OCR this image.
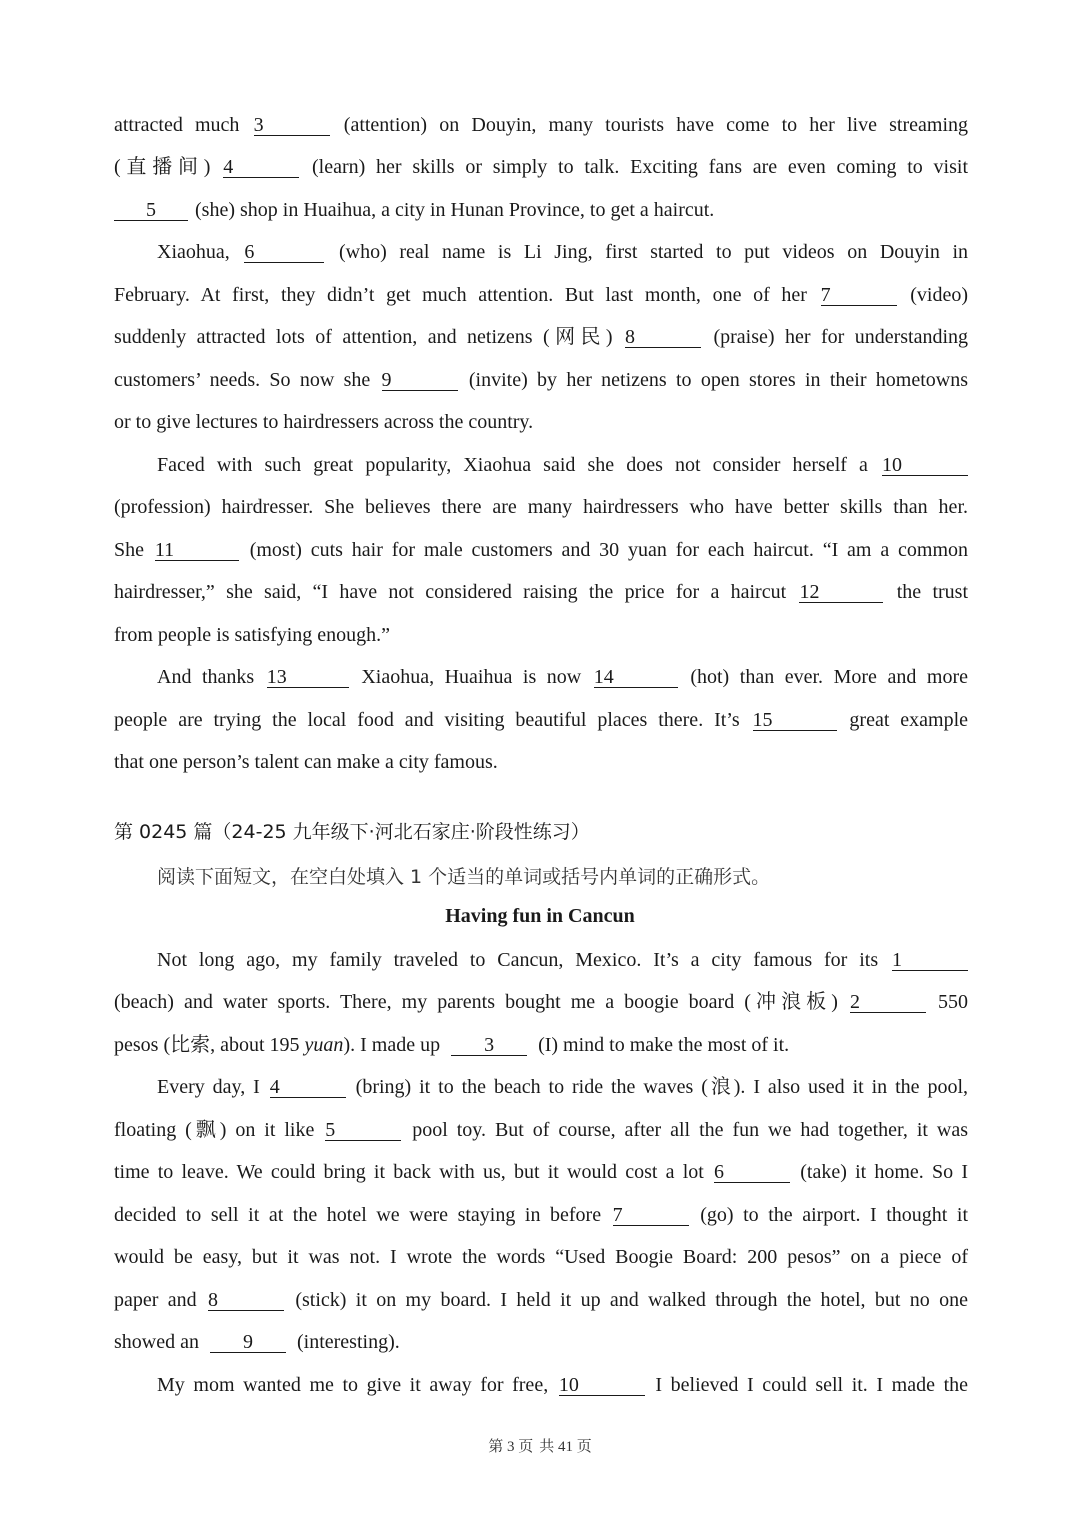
attracted much 3	(attention) on Douyin, many tourists have come to her live streaming
(直播间) 4	(learn) her skills or simply to talk. Exciting fans are even coming to visit
5 (she) shop in Huaihua, a city in Hunan Province, to get a haircut.
Xiaohua, 6	(who) real name is Li Jing, first started to put videos on Douyin in
February. At first, they didn’t get much attention. But last month, one of her 7	(video)
suddenly attracted lots of attention, and netizens (网民) 8	(praise) her for understanding
customers’ needs. So now she 9	(invite) by her netizens to open stores in their hometowns
or to give lectures to hairdressers across the country.
Faced with such great popularity, Xiaohua said she does not consider herself a 10
(profession) hairdresser. She believes there are many hairdressers who have better skills than her.
She 11	(most) cuts hair for male customers and 30 yuan for each haircut. “I am a common
hairdresser,” she said, “I have not considered raising the price for a haircut 12	the trust
from people is satisfying enough.”
And thanks 13	Xiaohua, Huaihua is now 14	(hot) than ever. More and more
people are trying the local food and visiting beautiful places there. It’s 15	great example
that one person’s talent can make a city famous.
第 0245 篇（24-25 九年级下·河北石家庄·阶段性练习）
阅读下面短文，在空白处填入 1 个适当的单词或括号内单词的正确形式。
Having fun in Cancun
Not long ago, my family traveled to Cancun, Mexico. It’s a city famous for its 1
(beach) and water sports. There, my parents bought me a boogie board (冲浪板) 2	550
pesos (比索, about 195 yuan). I made up 3 (I) mind to make the most of it.
Every day, I 4	(bring) it to the beach to ride the waves (浪). I also used it in the pool,
floating (飘) on it like 5	pool toy. But of course, after all the fun we had together, it was
time to leave. We could bring it back with us, but it would cost a lot 6	(take) it home. So I
decided to sell it at the hotel we were staying in before 7	(go) to the airport. I thought it
would be easy, but it was not. I wrote the words “Used Boogie Board: 200 pesos” on a piece of
paper and 8	(stick) it on my board. I held it up and walked through the hotel, but no one
showed an 9 (interesting).
My mom wanted me to give it away for free, 10	I believed I could sell it. I made the
第 3 页 共 41 页
